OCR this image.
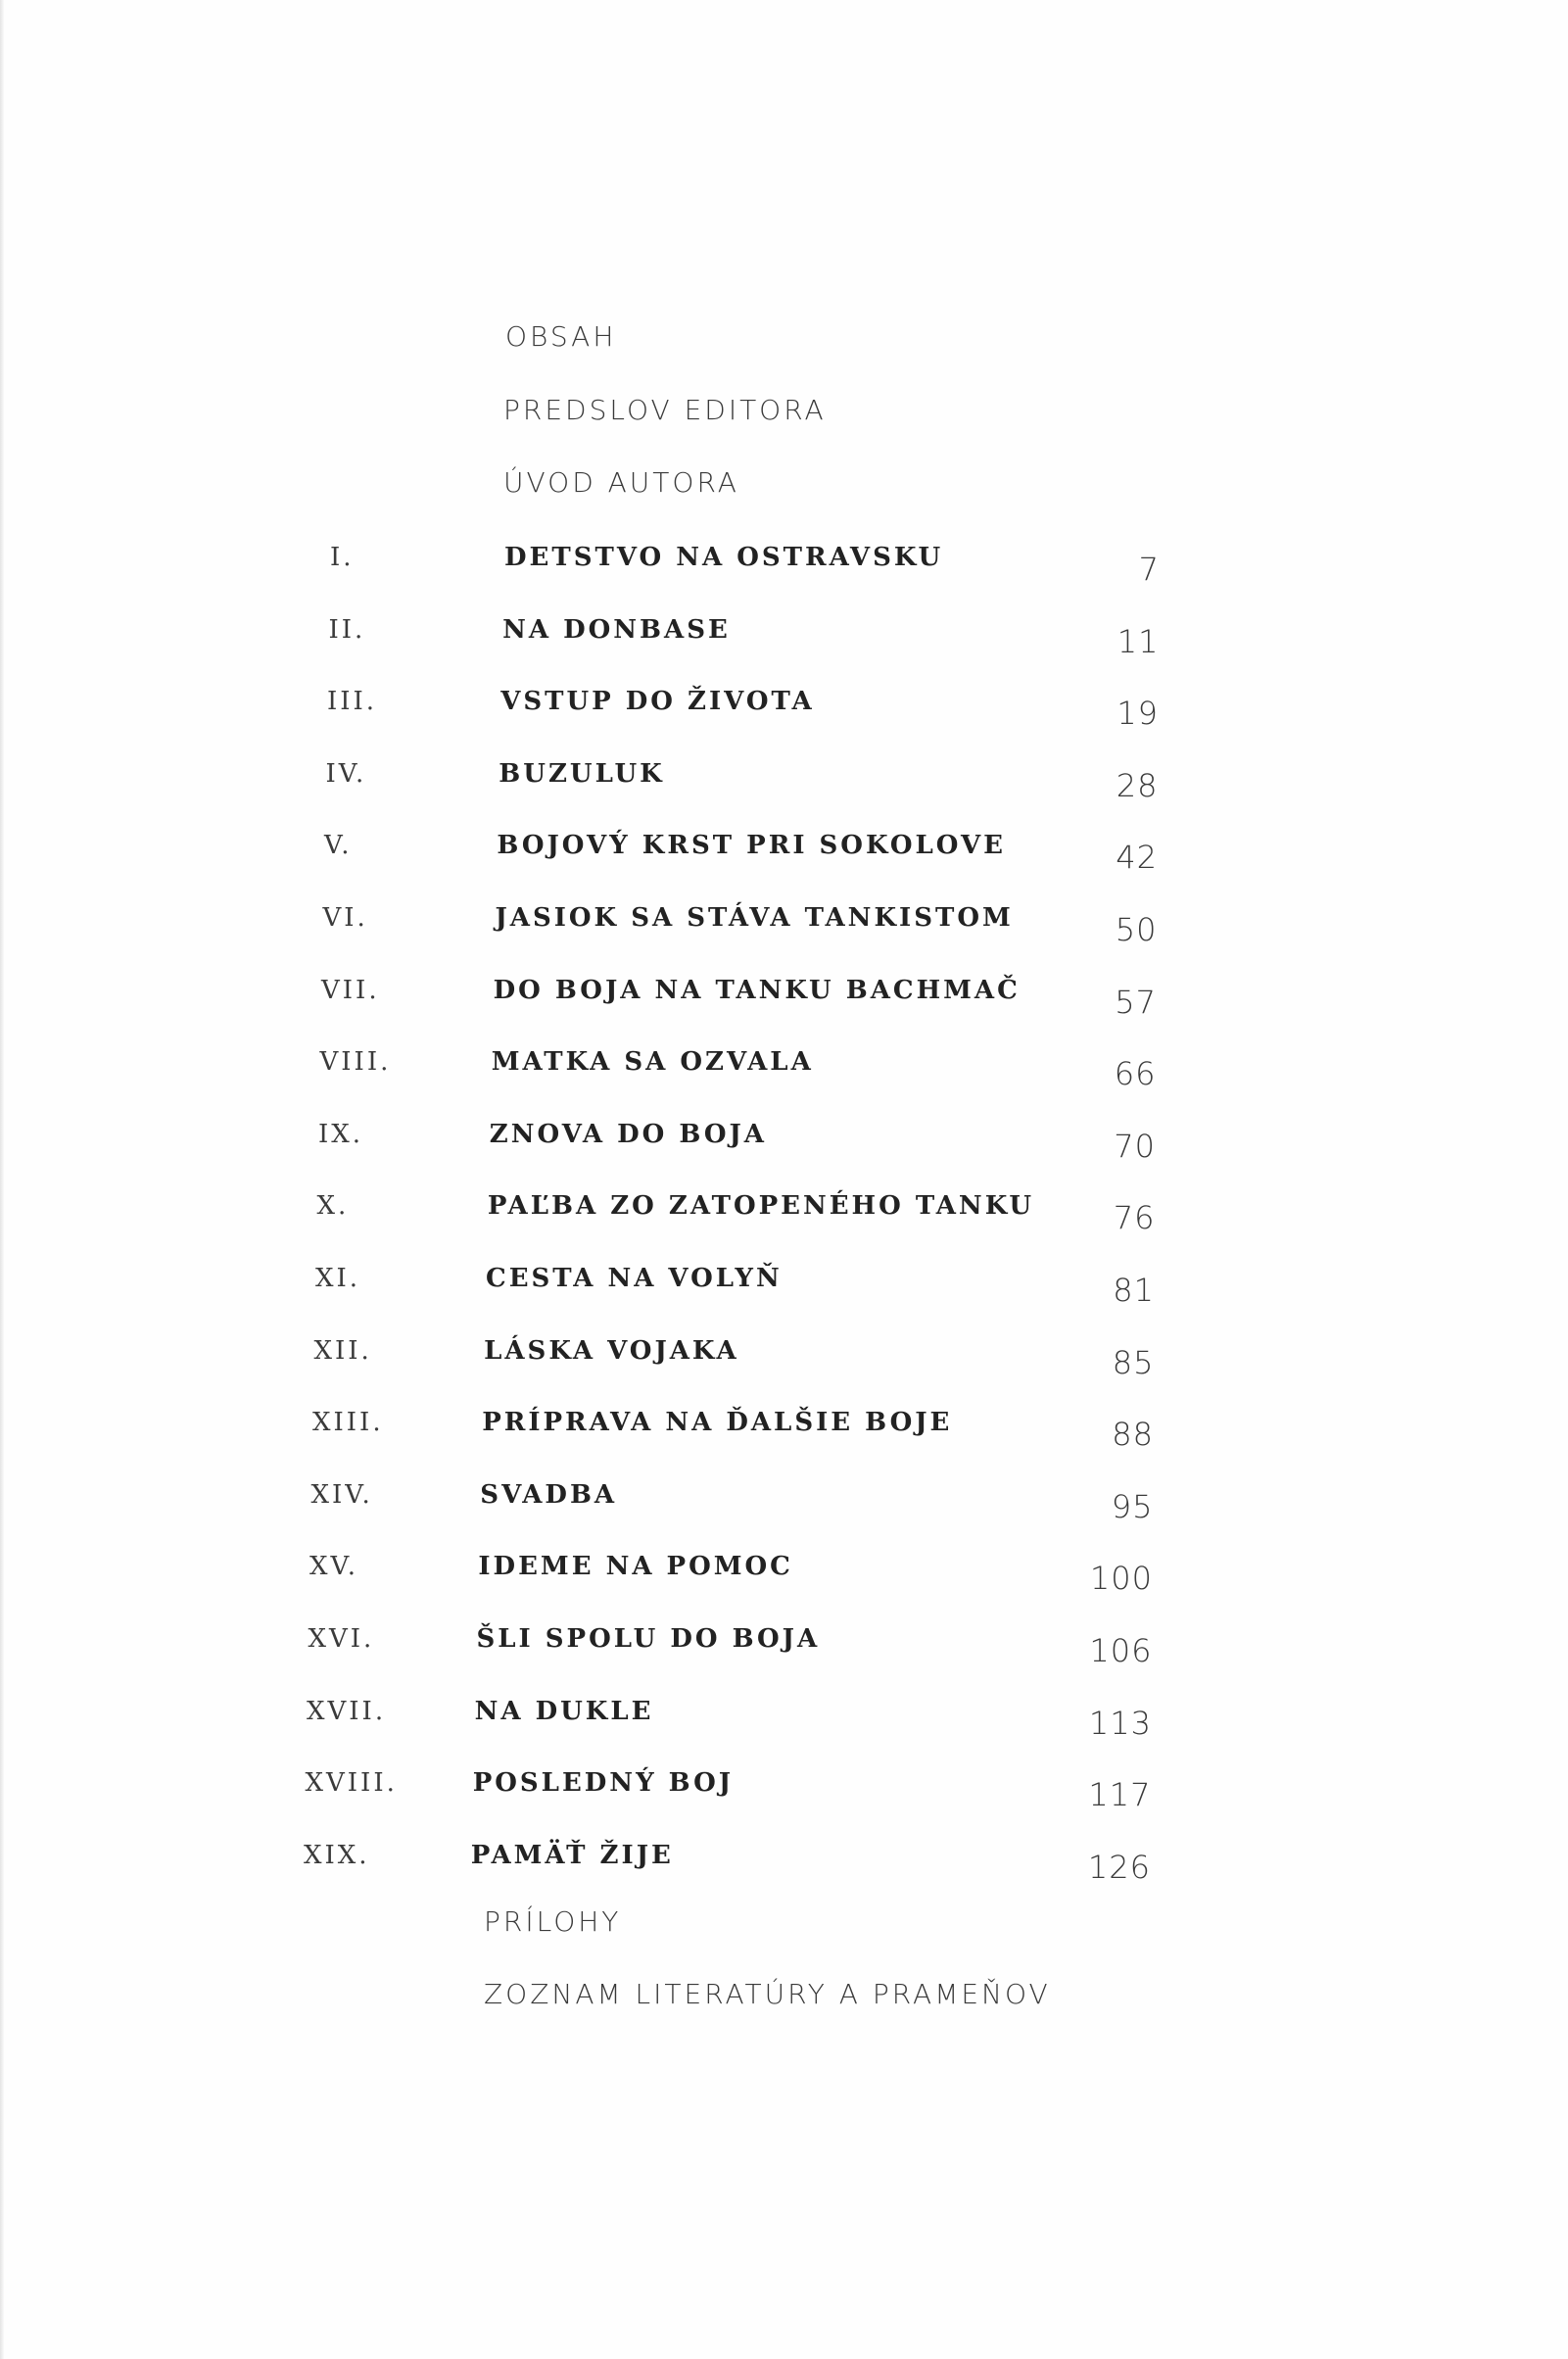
OBSAH
PREDSLOV EDITORA
ÚVOD AUTORA
I.	DETSTVO NA OSTRAVSKU	7
II.	NA DONBASE	11
III.	VSTUP DO ŽIVOTA	19
IV.	BUZULUK	28
V.	BOJOVÝ KRST PRI SOKOLOVE	42
VI.	JASIOK SA STÁVA TANKISTOM	50
VII.	DO BOJA NA TANKU BACHMAČ	57
VIII.	MATKA SA OZVALA	66
IX.	ZNOVA DO BOJA	70
X.	PAĽBA ZO ZATOPENÉHO TANKU	76
XI.	CESTA NA VOLYŇ	81
XII.	LÁSKA VOJAKA	85
XIII.	PRÍPRAVA NA ĎALŠIE BOJE	88
XIV.	SVADBA	95
XV.	IDEME NA POMOC	100
XVI.	ŠLI SPOLU DO BOJA	106
XVII.	NA DUKLE	113
XVIII.	POSLEDNÝ BOJ	117
XIX.	PAMÄŤ ŽIJE	126
PRÍLOHY
ZOZNAM LITERATÚRY A PRAMEŇOV
